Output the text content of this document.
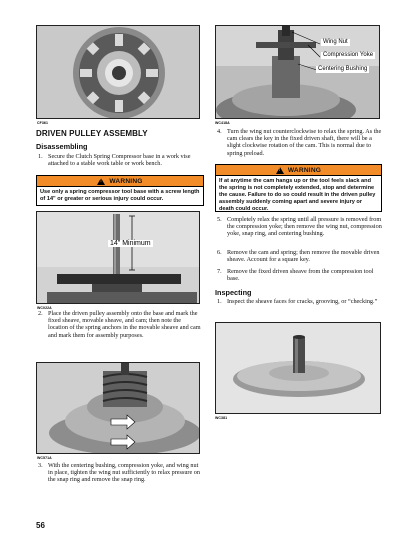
CF361
DRIVEN PULLEY ASSEMBLY
Disassembling
1. Secure the Clutch Spring Compressor base in a work vise attached to a stable work table or work bench.
!
WARNING
Use only a spring compressor tool base with a screw length of 14" or greater or serious injury could occur.
14" Minimum
WC022A
2. Place the driven pulley assembly onto the base and mark the fixed sheave, movable sheave, and cam; then note the location of the spring anchors in the movable sheave and cam and mark them for assembly purposes.
WC571A
3. With the centering bushing, compression yoke, and wing nut in place, tighten the wing nut sufficiently to relax pressure on the snap ring and remove the snap ring.
56
Wing Nut
Compression Yoke
Centering Bushing
WC418A
4. Turn the wing nut counterclockwise to relax the spring. As the cam clears the key in the fixed driven shaft, there will be a slight clockwise rotation of the cam. This is normal due to spring preload.
!
WARNING
If at anytime the cam hangs up or the tool feels slack and the spring is not completely extended, stop and determine the cause. Failure to do so could result in the driven pulley assembly suddenly coming apart and severe injury or death could occur.
5. Completely relax the spring until all pressure is removed from the compression yoke; then remove the wing nut, compression yoke, snap ring, and centering bushing.
6. Remove the cam and spring; then remove the movable driven sheave. Account for a square key.
7. Remove the fixed driven sheave from the compression tool base.
Inspecting
1. Inspect the sheave faces for cracks, grooving, or “checking.”
WC381
